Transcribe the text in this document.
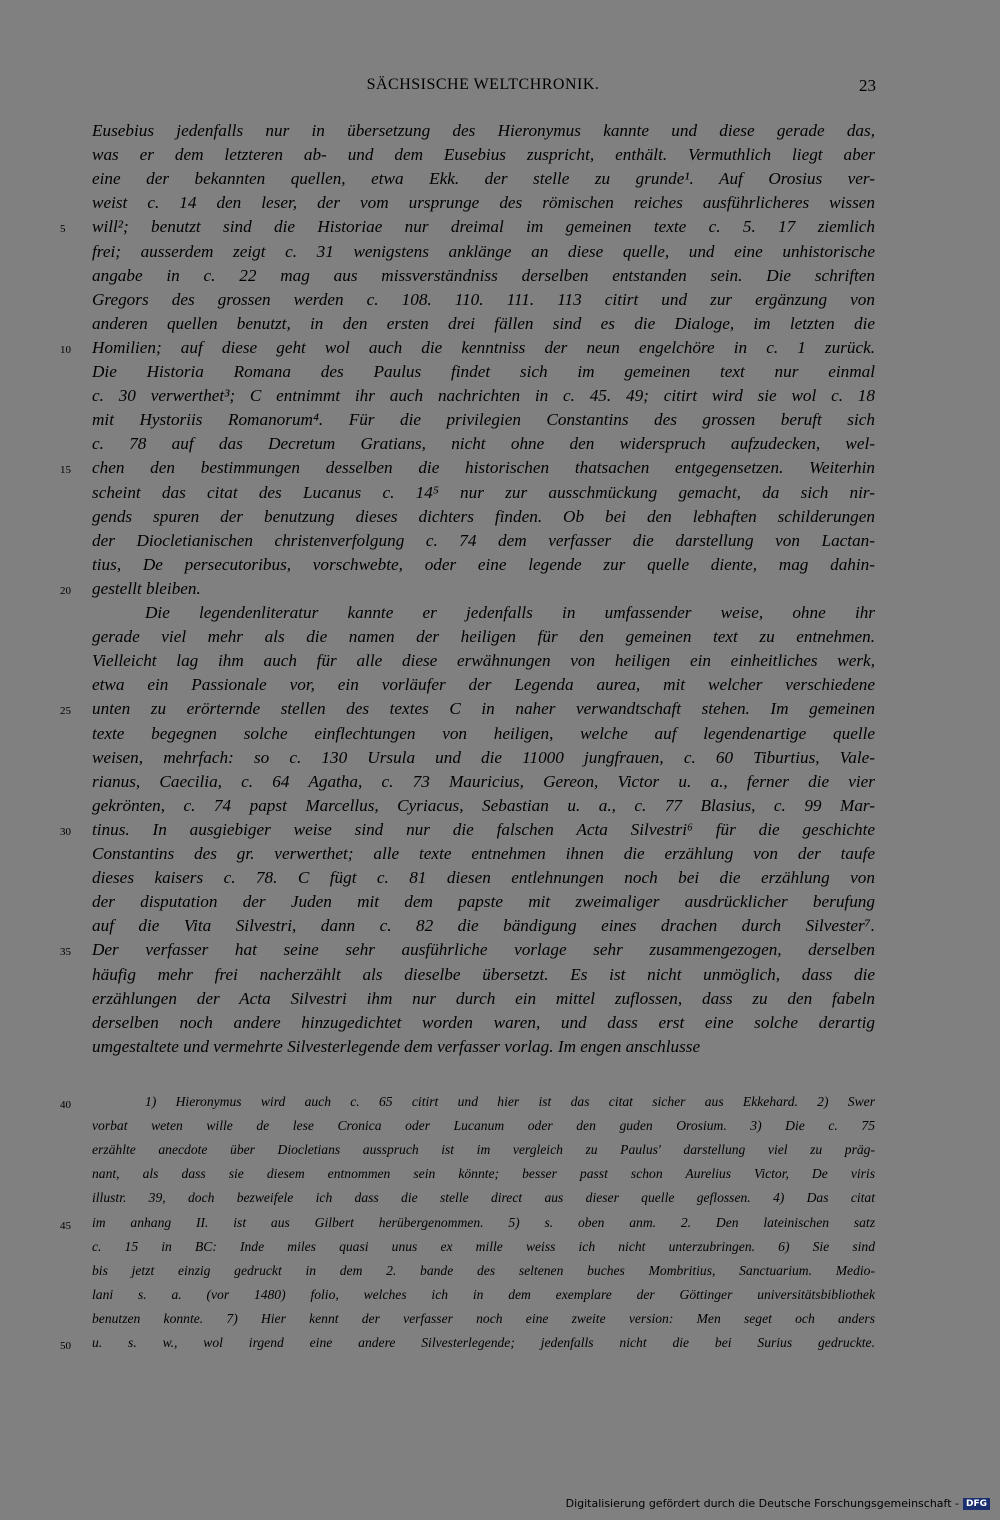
SÄCHSISCHE WELTCHRONIK.	23
Eusebius jedenfalls nur in übersetzung des Hieronymus kannte und diese gerade das,
was er dem letzteren ab- und dem Eusebius zuspricht, enthält. Vermuthlich liegt aber
eine der bekannten quellen, etwa Ekk. der stelle zu grunde¹. Auf Orosius ver-
weist c. 14 den leser, der vom ursprunge des römischen reiches ausführlicheres wissen
will²; benutzt sind die Historiae nur dreimal im gemeinen texte c. 5. 17 ziemlich
frei; ausserdem zeigt c. 31 wenigstens anklänge an diese quelle, und eine unhistorische
angabe in c. 22 mag aus missverständniss derselben entstanden sein. Die schriften
Gregors des grossen werden c. 108. 110. 111. 113 citirt und zur ergänzung von
anderen quellen benutzt, in den ersten drei fällen sind es die Dialoge, im letzten die
Homilien; auf diese geht wol auch die kenntniss der neun engelchöre in c. 1 zurück.
Die Historia Romana des Paulus findet sich im gemeinen text nur einmal
c. 30 verwerthet³; C entnimmt ihr auch nachrichten in c. 45. 49; citirt wird sie wol c. 18
mit Hystoriis Romanorum⁴. Für die privilegien Constantins des grossen beruft sich
c. 78 auf das Decretum Gratians, nicht ohne den widerspruch aufzudecken, wel-
chen den bestimmungen desselben die historischen thatsachen entgegensetzen. Weiterhin
scheint das citat des Lucanus c. 14⁵ nur zur ausschmückung gemacht, da sich nir-
gends spuren der benutzung dieses dichters finden. Ob bei den lebhaften schilderungen
der Diocletianischen christenverfolgung c. 74 dem verfasser die darstellung von Lactan-
tius, De persecutoribus, vorschwebte, oder eine legende zur quelle diente, mag dahin-
gestellt bleiben.
Die legendenliteratur kannte er jedenfalls in umfassender weise, ohne ihr
gerade viel mehr als die namen der heiligen für den gemeinen text zu entnehmen.
Vielleicht lag ihm auch für alle diese erwähnungen von heiligen ein einheitliches werk,
etwa ein Passionale vor, ein vorläufer der Legenda aurea, mit welcher verschiedene
unten zu erörternde stellen des textes C in naher verwandtschaft stehen. Im gemeinen
texte begegnen solche einflechtungen von heiligen, welche auf legendenartige quelle
weisen, mehrfach: so c. 130 Ursula und die 11000 jungfrauen, c. 60 Tiburtius, Vale-
rianus, Caecilia, c. 64 Agatha, c. 73 Mauricius, Gereon, Victor u. a., ferner die vier
gekrönten, c. 74 papst Marcellus, Cyriacus, Sebastian u. a., c. 77 Blasius, c. 99 Mar-
tinus. In ausgiebiger weise sind nur die falschen Acta Silvestri⁶ für die geschichte
Constantins des gr. verwerthet; alle texte entnehmen ihnen die erzählung von der taufe
dieses kaisers c. 78. C fügt c. 81 diesen entlehnungen noch bei die erzählung von
der disputation der Juden mit dem papste mit zweimaliger ausdrücklicher berufung
auf die Vita Silvestri, dann c. 82 die bändigung eines drachen durch Silvester⁷.
Der verfasser hat seine sehr ausführliche vorlage sehr zusammengezogen, derselben
häufig mehr frei nacherzählt als dieselbe übersetzt. Es ist nicht unmöglich, dass die
erzählungen der Acta Silvestri ihm nur durch ein mittel zuflossen, dass zu den fabeln
derselben noch andere hinzugedichtet worden waren, und dass erst eine solche derartig
umgestaltete und vermehrte Silvesterlegende dem verfasser vorlag. Im engen anschlusse
5
10
15
20
25
30
35
1) Hieronymus wird auch c. 65 citirt und hier ist das citat sicher aus Ekkehard. 2) Swer
vorbat weten wille de lese Cronica oder Lucanum oder den guden Orosium. 3) Die c. 75
erzählte anecdote über Diocletians ausspruch ist im vergleich zu Paulus' darstellung viel zu präg-
nant, als dass sie diesem entnommen sein könnte; besser passt schon Aurelius Victor, De viris
illustr. 39, doch bezweifele ich dass die stelle direct aus dieser quelle geflossen. 4) Das citat
im anhang II. ist aus Gilbert herübergenommen. 5) s. oben anm. 2. Den lateinischen satz
c. 15 in BC: Inde miles quasi unus ex mille weiss ich nicht unterzubringen. 6) Sie sind
bis jetzt einzig gedruckt in dem 2. bande des seltenen buches Mombritius, Sanctuarium. Medio-
lani s. a. (vor 1480) folio, welches ich in dem exemplare der Göttinger universitätsbibliothek
benutzen konnte. 7) Hier kennt der verfasser noch eine zweite version: Men seget och anders
u. s. w., wol irgend eine andere Silvesterlegende; jedenfalls nicht die bei Surius gedruckte.
40
45
50
Digitalisierung gefördert durch die Deutsche Forschungsgemeinschaft - DFG
